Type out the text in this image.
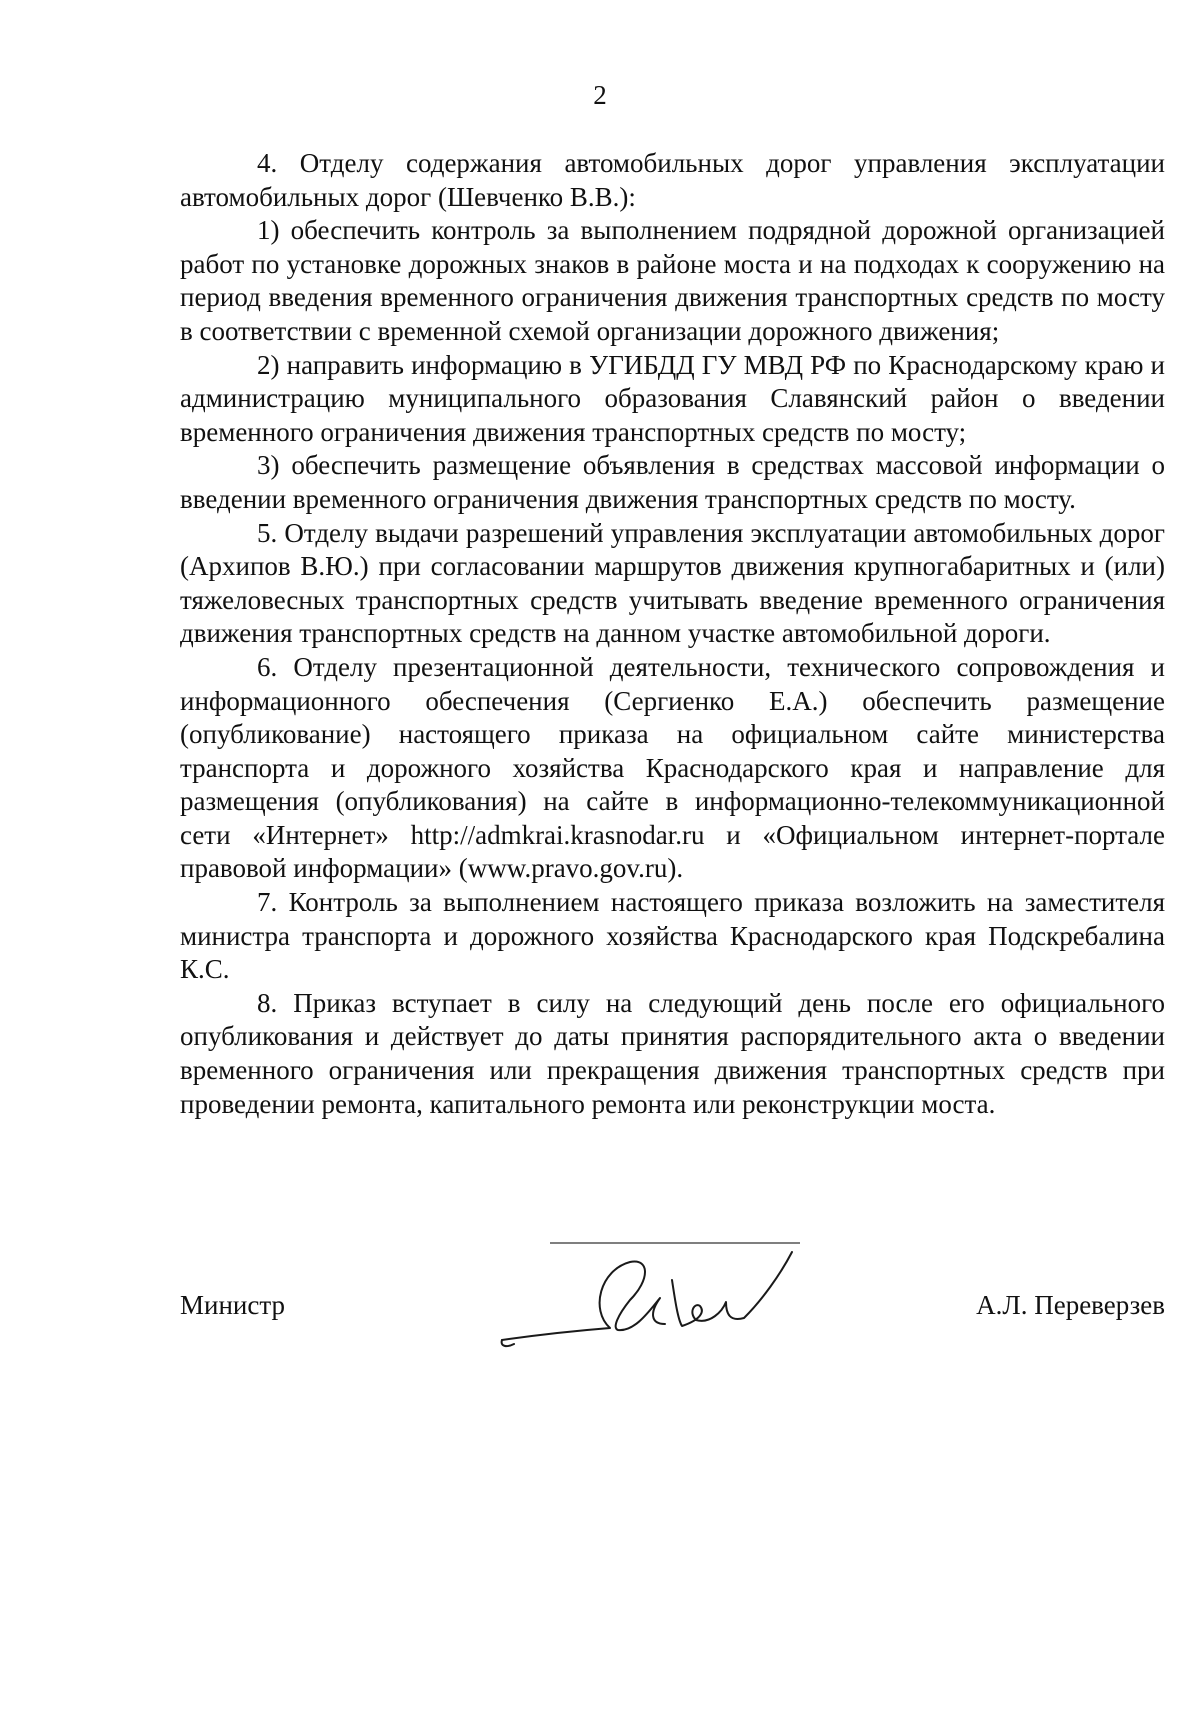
2

4. Отделу содержания автомобильных дорог управления эксплуатации автомобильных дорог (Шевченко В.В.):

1) обеспечить контроль за выполнением подрядной дорожной организацией работ по установке дорожных знаков в районе моста и на подходах к сооружению на период введения временного ограничения движения транспортных средств по мосту в соответствии с временной схемой организации дорожного движения;

2) направить информацию в УГИБДД ГУ МВД РФ по Краснодарскому краю и администрацию муниципального образования Славянский район о введении временного ограничения движения транспортных средств по мосту;

3) обеспечить размещение объявления в средствах массовой информации о введении временного ограничения движения транспортных средств по мосту.

5. Отделу выдачи разрешений управления эксплуатации автомобильных дорог (Архипов В.Ю.) при согласовании маршрутов движения крупногабаритных и (или) тяжеловесных транспортных средств учитывать введение временного ограничения движения транспортных средств на данном участке автомобильной дороги.

6. Отделу презентационной деятельности, технического сопровождения и информационного обеспечения (Сергиенко Е.А.) обеспечить размещение (опубликование) настоящего приказа на официальном сайте министерства транспорта и дорожного хозяйства Краснодарского края и направление для размещения (опубликования) на сайте в информационно-телекоммуникационной сети «Интернет» http://admkrai.krasnodar.ru и «Официальном интернет-портале правовой информации» (www.pravo.gov.ru).

7. Контроль за выполнением настоящего приказа возложить на заместителя министра транспорта и дорожного хозяйства Краснодарского края Подскребалина К.С.

8. Приказ вступает в силу на следующий день после его официального опубликования и действует до даты принятия распорядительного акта о введении временного ограничения или прекращения движения транспортных средств при проведении ремонта, капитального ремонта или реконструкции моста.

Министр	А.Л. Переверзев
